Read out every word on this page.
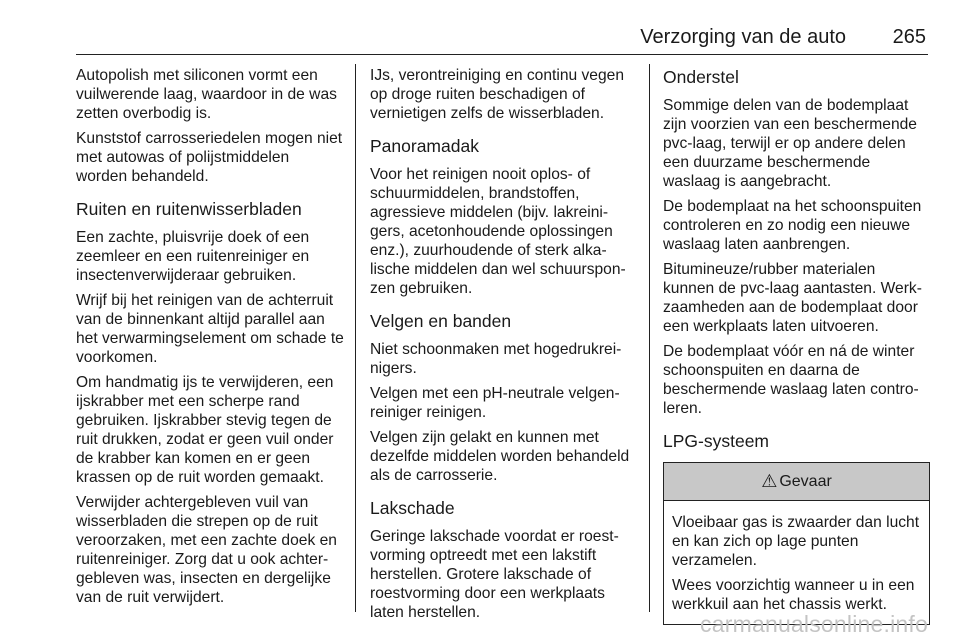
Verzorging van de auto 265

Autopolish met siliconen vormt een vuilwerende laag, waardoor in de was zetten overbodig is.

Kunststof carrosseriedelen mogen niet met autowas of polijstmiddelen worden behandeld.

Ruiten en ruitenwisserbladen

Een zachte, pluisvrije doek of een zeemleer en een ruitenreiniger en insectenverwijderaar gebruiken.

Wrijf bij het reinigen van de achterruit van de binnenkant altijd parallel aan het verwarmingselement om schade te voorkomen.

Om handmatig ijs te verwijderen, een ijskrabber met een scherpe rand gebruiken. Ijskrabber stevig tegen de ruit drukken, zodat er geen vuil onder de krabber kan komen en er geen krassen op de ruit worden gemaakt.

Verwijder achtergebleven vuil van wisserbladen die strepen op de ruit veroorzaken, met een zachte doek en ruitenreiniger. Zorg dat u ook achter-gebleven was, insecten en dergelijke van de ruit verwijdert.

IJs, verontreiniging en continu vegen op droge ruiten beschadigen of vernietigen zelfs de wisserbladen.

Panoramadak

Voor het reinigen nooit oplos- of schuurmiddelen, brandstoffen, agressieve middelen (bijv. lakreini-gers, acetonhoudende oplossingen enz.), zuurhoudende of sterk alka-lische middelen dan wel schuurspon-zen gebruiken.

Velgen en banden

Niet schoonmaken met hogedrukrei-nigers.

Velgen met een pH-neutrale velgen-reiniger reinigen.

Velgen zijn gelakt en kunnen met dezelfde middelen worden behandeld als de carrosserie.

Lakschade

Geringe lakschade voordat er roest-vorming optreedt met een lakstift herstellen. Grotere lakschade of roestvorming door een werkplaats laten herstellen.

Onderstel

Sommige delen van de bodemplaat zijn voorzien van een beschermende pvc-laag, terwijl er op andere delen een duurzame beschermende waslaag is aangebracht.

De bodemplaat na het schoonspuiten controleren en zo nodig een nieuwe waslaag laten aanbrengen.

Bitumineuze/rubber materialen kunnen de pvc-laag aantasten. Werk-zaamheden aan de bodemplaat door een werkplaats laten uitvoeren.

De bodemplaat vóór en ná de winter schoonspuiten en daarna de beschermende waslaag laten contro-leren.

LPG-systeem
⚠ Gevaar

Vloeibaar gas is zwaarder dan lucht en kan zich op lage punten verzamelen.

Wees voorzichtig wanneer u in een werkkuil aan het chassis werkt.

carmanualsonline.info
